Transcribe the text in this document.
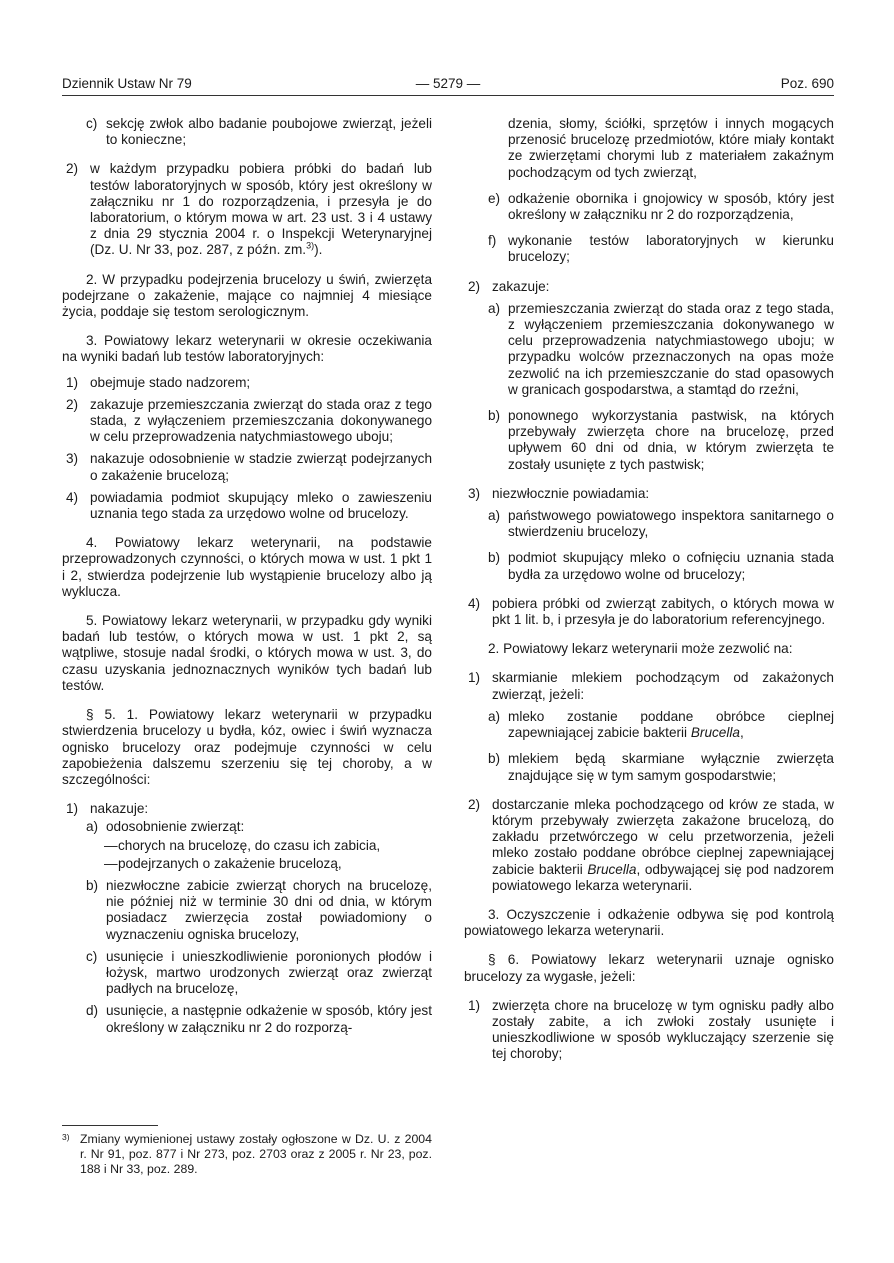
Dziennik Ustaw Nr 79	— 5279 —	Poz. 690
c) sekcję zwłok albo badanie poubojowe zwierząt, jeżeli to konieczne;
2) w każdym przypadku pobiera próbki do badań lub testów laboratoryjnych w sposób, który jest określony w załączniku nr 1 do rozporządzenia, i przesyła je do laboratorium, o którym mowa w art. 23 ust. 3 i 4 ustawy z dnia 29 stycznia 2004 r. o Inspekcji Weterynaryjnej (Dz. U. Nr 33, poz. 287, z późn. zm.$^{3)}$).

2. W przypadku podejrzenia brucelozy u świń, zwierzęta podejrzane o zakażenie, mające co najmniej 4 miesiące życia, poddaje się testom serologicznym.

3. Powiatowy lekarz weterynarii w okresie oczekiwania na wyniki badań lub testów laboratoryjnych:

1) obejmuje stado nadzorem;
2) zakazuje przemieszczania zwierząt do stada oraz z tego stada, z wyłączeniem przemieszczania dokonywanego w celu przeprowadzenia natychmiastowego uboju;
3) nakazuje odosobnienie w stadzie zwierząt podejrzanych o zakażenie brucelozą;
4) powiadamia podmiot skupujący mleko o zawieszeniu uznania tego stada za urzędowo wolne od brucelozy.

4. Powiatowy lekarz weterynarii, na podstawie przeprowadzonych czynności, o których mowa w ust. 1 pkt 1 i 2, stwierdza podejrzenie lub wystąpienie brucelozy albo ją wyklucza.

5. Powiatowy lekarz weterynarii, w przypadku gdy wyniki badań lub testów, o których mowa w ust. 1 pkt 2, są wątpliwe, stosuje nadal środki, o których mowa w ust. 3, do czasu uzyskania jednoznacznych wyników tych badań lub testów.

§ 5. 1. Powiatowy lekarz weterynarii w przypadku stwierdzenia brucelozy u bydła, kóz, owiec i świń wyznacza ognisko brucelozy oraz podejmuje czynności w celu zapobieżenia dalszemu szerzeniu się tej choroby, a w szczególności:

1) nakazuje:
a) odosobnienie zwierząt:
— chorych na brucelozę, do czasu ich zabicia,
— podejrzanych o zakażenie brucelozą,
b) niezwłoczne zabicie zwierząt chorych na brucelozę, nie później niż w terminie 30 dni od dnia, w którym posiadacz zwierzęcia został powiadomiony o wyznaczeniu ogniska brucelozy,
c) usunięcie i unieszkodliwienie poronionych płodów i łożysk, martwo urodzonych zwierząt oraz zwierząt padłych na brucelozę,
d) usunięcie, a następnie odkażenie w sposób, który jest określony w załączniku nr 2 do rozporzą-
3) Zmiany wymienionej ustawy zostały ogłoszone w Dz. U. z 2004 r. Nr 91, poz. 877 i Nr 273, poz. 2703 oraz z 2005 r. Nr 23, poz. 188 i Nr 33, poz. 289.
dzenia, słomy, ściółki, sprzętów i innych mogących przenosić brucelozę przedmiotów, które miały kontakt ze zwierzętami chorymi lub z materiałem zakaźnym pochodzącym od tych zwierząt,
e) odkażenie obornika i gnojowicy w sposób, który jest określony w załączniku nr 2 do rozporządzenia,
f) wykonanie testów laboratoryjnych w kierunku brucelozy;
2) zakazuje:
a) przemieszczania zwierząt do stada oraz z tego stada, z wyłączeniem przemieszczania dokonywanego w celu przeprowadzenia natychmiastowego uboju; w przypadku wolców przeznaczonych na opas może zezwolić na ich przemieszczanie do stad opasowych w granicach gospodarstwa, a stamtąd do rzeźni,
b) ponownego wykorzystania pastwisk, na których przebywały zwierzęta chore na brucelozę, przed upływem 60 dni od dnia, w którym zwierzęta te zostały usunięte z tych pastwisk;
3) niezwłocznie powiadamia:
a) państwowego powiatowego inspektora sanitarnego o stwierdzeniu brucelozy,
b) podmiot skupujący mleko o cofnięciu uznania stada bydła za urzędowo wolne od brucelozy;
4) pobiera próbki od zwierząt zabitych, o których mowa w pkt 1 lit. b, i przesyła je do laboratorium referencyjnego.

2. Powiatowy lekarz weterynarii może zezwolić na:

1) skarmianie mlekiem pochodzącym od zakażonych zwierząt, jeżeli:
a) mleko zostanie poddane obróbce cieplnej zapewniającej zabicie bakterii Brucella,
b) mlekiem będą skarmiane wyłącznie zwierzęta znajdujące się w tym samym gospodarstwie;
2) dostarczanie mleka pochodzącego od krów ze stada, w którym przebywały zwierzęta zakażone brucelozą, do zakładu przetwórczego w celu przetworzenia, jeżeli mleko zostało poddane obróbce cieplnej zapewniającej zabicie bakterii Brucella, odbywającej się pod nadzorem powiatowego lekarza weterynarii.

3. Oczyszczenie i odkażenie odbywa się pod kontrolą powiatowego lekarza weterynarii.

§ 6. Powiatowy lekarz weterynarii uznaje ognisko brucelozy za wygasłe, jeżeli:

1) zwierzęta chore na brucelozę w tym ognisku padły albo zostały zabite, a ich zwłoki zostały usunięte i unieszkodliwione w sposób wykluczający szerzenie się tej choroby;
